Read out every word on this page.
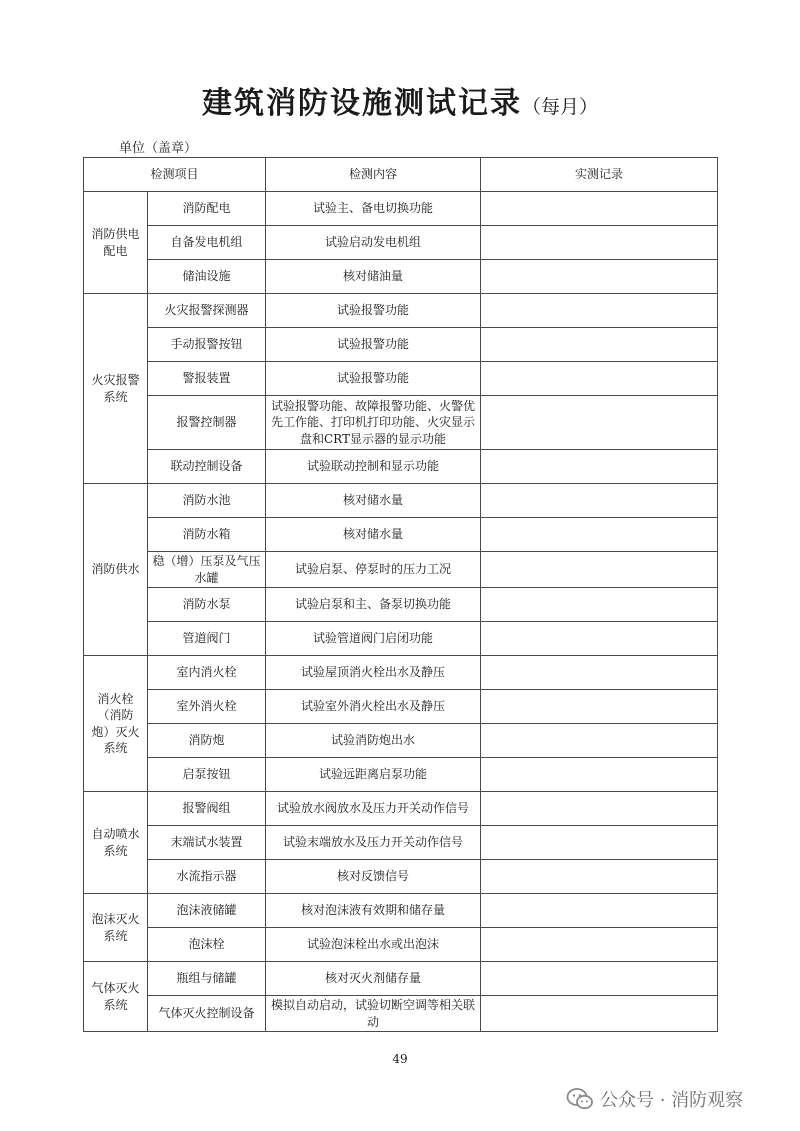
建筑消防设施测试记录（每月）
单位（盖章）
检测项目		检测内容	实测记录
消防供电 配电	消防配电	试验主、备电切换功能	
	自备发电机组	试验启动发电机组	
	储油设施	核对储油量	
火灾报警系统	火灾报警探测器	试验报警功能	
	手动报警按钮	试验报警功能	
	警报装置	试验报警功能	
	报警控制器	试验报警功能、故障报警功能、火警优先工作能、打印机打印功能、火灾显示盘和CRT显示器的显示功能	
	联动控制设备	试验联动控制和显示功能	
消防供水	消防水池	核对储水量	
	消防水箱	核对储水量	
	稳（增）压泵及气压水罐	试验启泵、停泵时的压力工况	
	消防水泵	试验启泵和主、备泵切换功能	
	管道阀门	试验管道阀门启闭功能	
消火栓（消防炮）灭火系统	室内消火栓	试验屋顶消火栓出水及静压	
	室外消火栓	试验室外消火栓出水及静压	
	消防炮	试验消防炮出水	
	启泵按钮	试验远距离启泵功能	
自动喷水系统	报警阀组	试验放水阀放水及压力开关动作信号	
	末端试水装置	试验末端放水及压力开关动作信号	
	水流指示器	核对反馈信号	
泡沫灭火系统	泡沫液储罐	核对泡沫液有效期和储存量	
	泡沫栓	试验泡沫栓出水或出泡沫	
气体灭火系统	瓶组与储罐	核对灭火剂储存量	
	气体灭火控制设备	模拟自动启动，试验切断空调等相关联动	
49
公众号 · 消防观察
